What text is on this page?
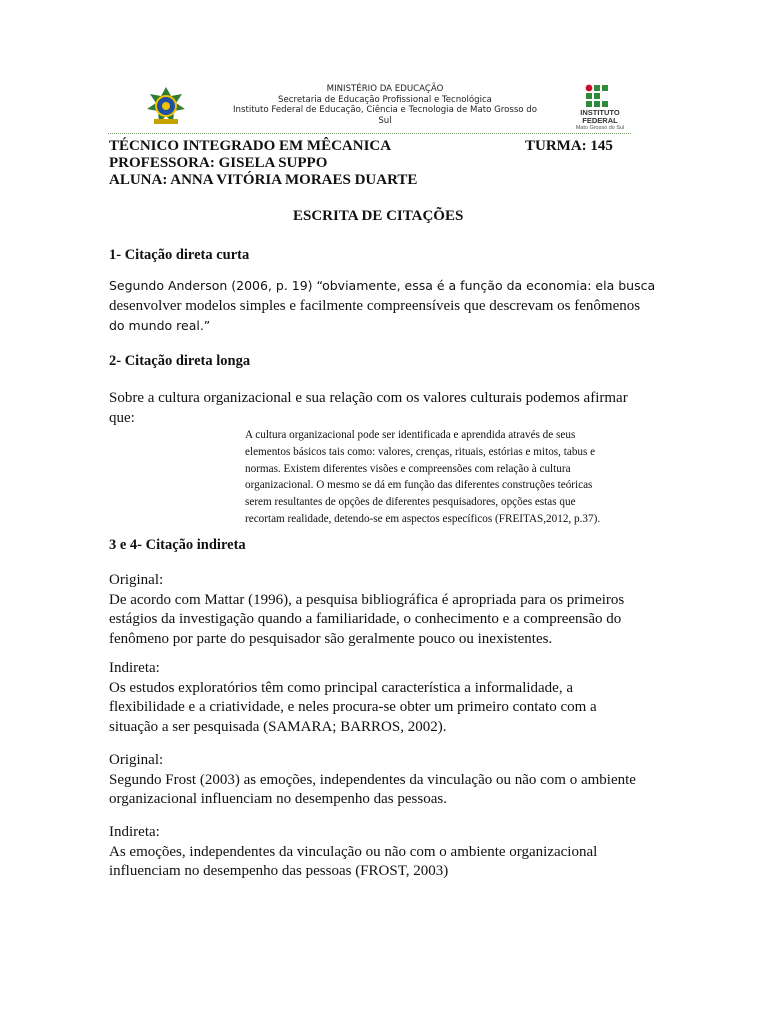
MINISTÉRIO DA EDUCAÇÃO
Secretaria de Educação Profissional e Tecnológica
Instituto Federal de Educação, Ciência e Tecnologia de Mato Grosso do Sul
INSTITUTO
FEDERAL
Mato Grosso do Sul
TÉCNICO INTEGRADO EM MÊCANICA	TURMA: 145
PROFESSORA: GISELA SUPPO
ALUNA: ANNA VITÓRIA MORAES DUARTE
ESCRITA DE CITAÇÕES
1- Citação direta curta
Segundo Anderson (2006, p. 19) “obviamente, essa é a função da economia: ela busca
desenvolver modelos simples e facilmente compreensíveis que descrevam os fenômenos
do mundo real.”
2- Citação direta longa
Sobre a cultura organizacional e sua relação com os valores culturais podemos afirmar
que:
A cultura organizacional pode ser identificada e aprendida através de seus
elementos básicos tais como: valores, crenças, rituais, estórias e mitos, tabus e
normas. Existem diferentes visões e compreensões com relação à cultura
organizacional. O mesmo se dá em função das diferentes construções teóricas
serem resultantes de opções de diferentes pesquisadores, opções estas que
recortam realidade, detendo-se em aspectos específicos (FREITAS,2012, p.37).
3 e 4- Citação indireta
Original:
De acordo com Mattar (1996), a pesquisa bibliográfica é apropriada para os primeiros
estágios da investigação quando a familiaridade, o conhecimento e a compreensão do
fenômeno por parte do pesquisador são geralmente pouco ou inexistentes.
Indireta:
Os estudos exploratórios têm como principal característica a informalidade, a
flexibilidade e a criatividade, e neles procura-se obter um primeiro contato com a
situação a ser pesquisada (SAMARA; BARROS, 2002).
Original:
Segundo Frost (2003) as emoções, independentes da vinculação ou não com o ambiente
organizacional influenciam no desempenho das pessoas.
Indireta:
As emoções, independentes da vinculação ou não com o ambiente organizacional
influenciam no desempenho das pessoas (FROST, 2003)
